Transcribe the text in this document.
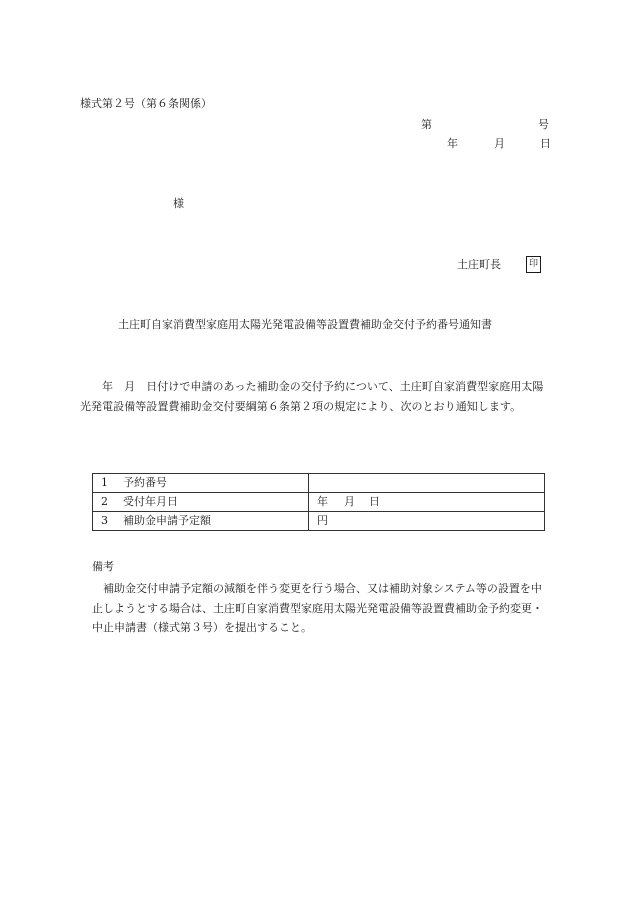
様式第２号（第６条関係）
第	号
年	月	日
様
土庄町長	印
土庄町自家消費型家庭用太陽光発電設備等設置費補助金交付予約番号通知書
年　月　日付けで申請のあった補助金の交付予約について、土庄町自家消費型家庭用太陽光発電設備等設置費補助金交付要綱第６条第２項の規定により、次のとおり通知します。
1 予約番号	
2 受付年月日	年 月 日
3 補助金申請予定額	円
備考
補助金交付申請予定額の減額を伴う変更を行う場合、又は補助対象システム等の設置を中止しようとする場合は、土庄町自家消費型家庭用太陽光発電設備等設置費補助金予約変更・中止申請書（様式第３号）を提出すること。
